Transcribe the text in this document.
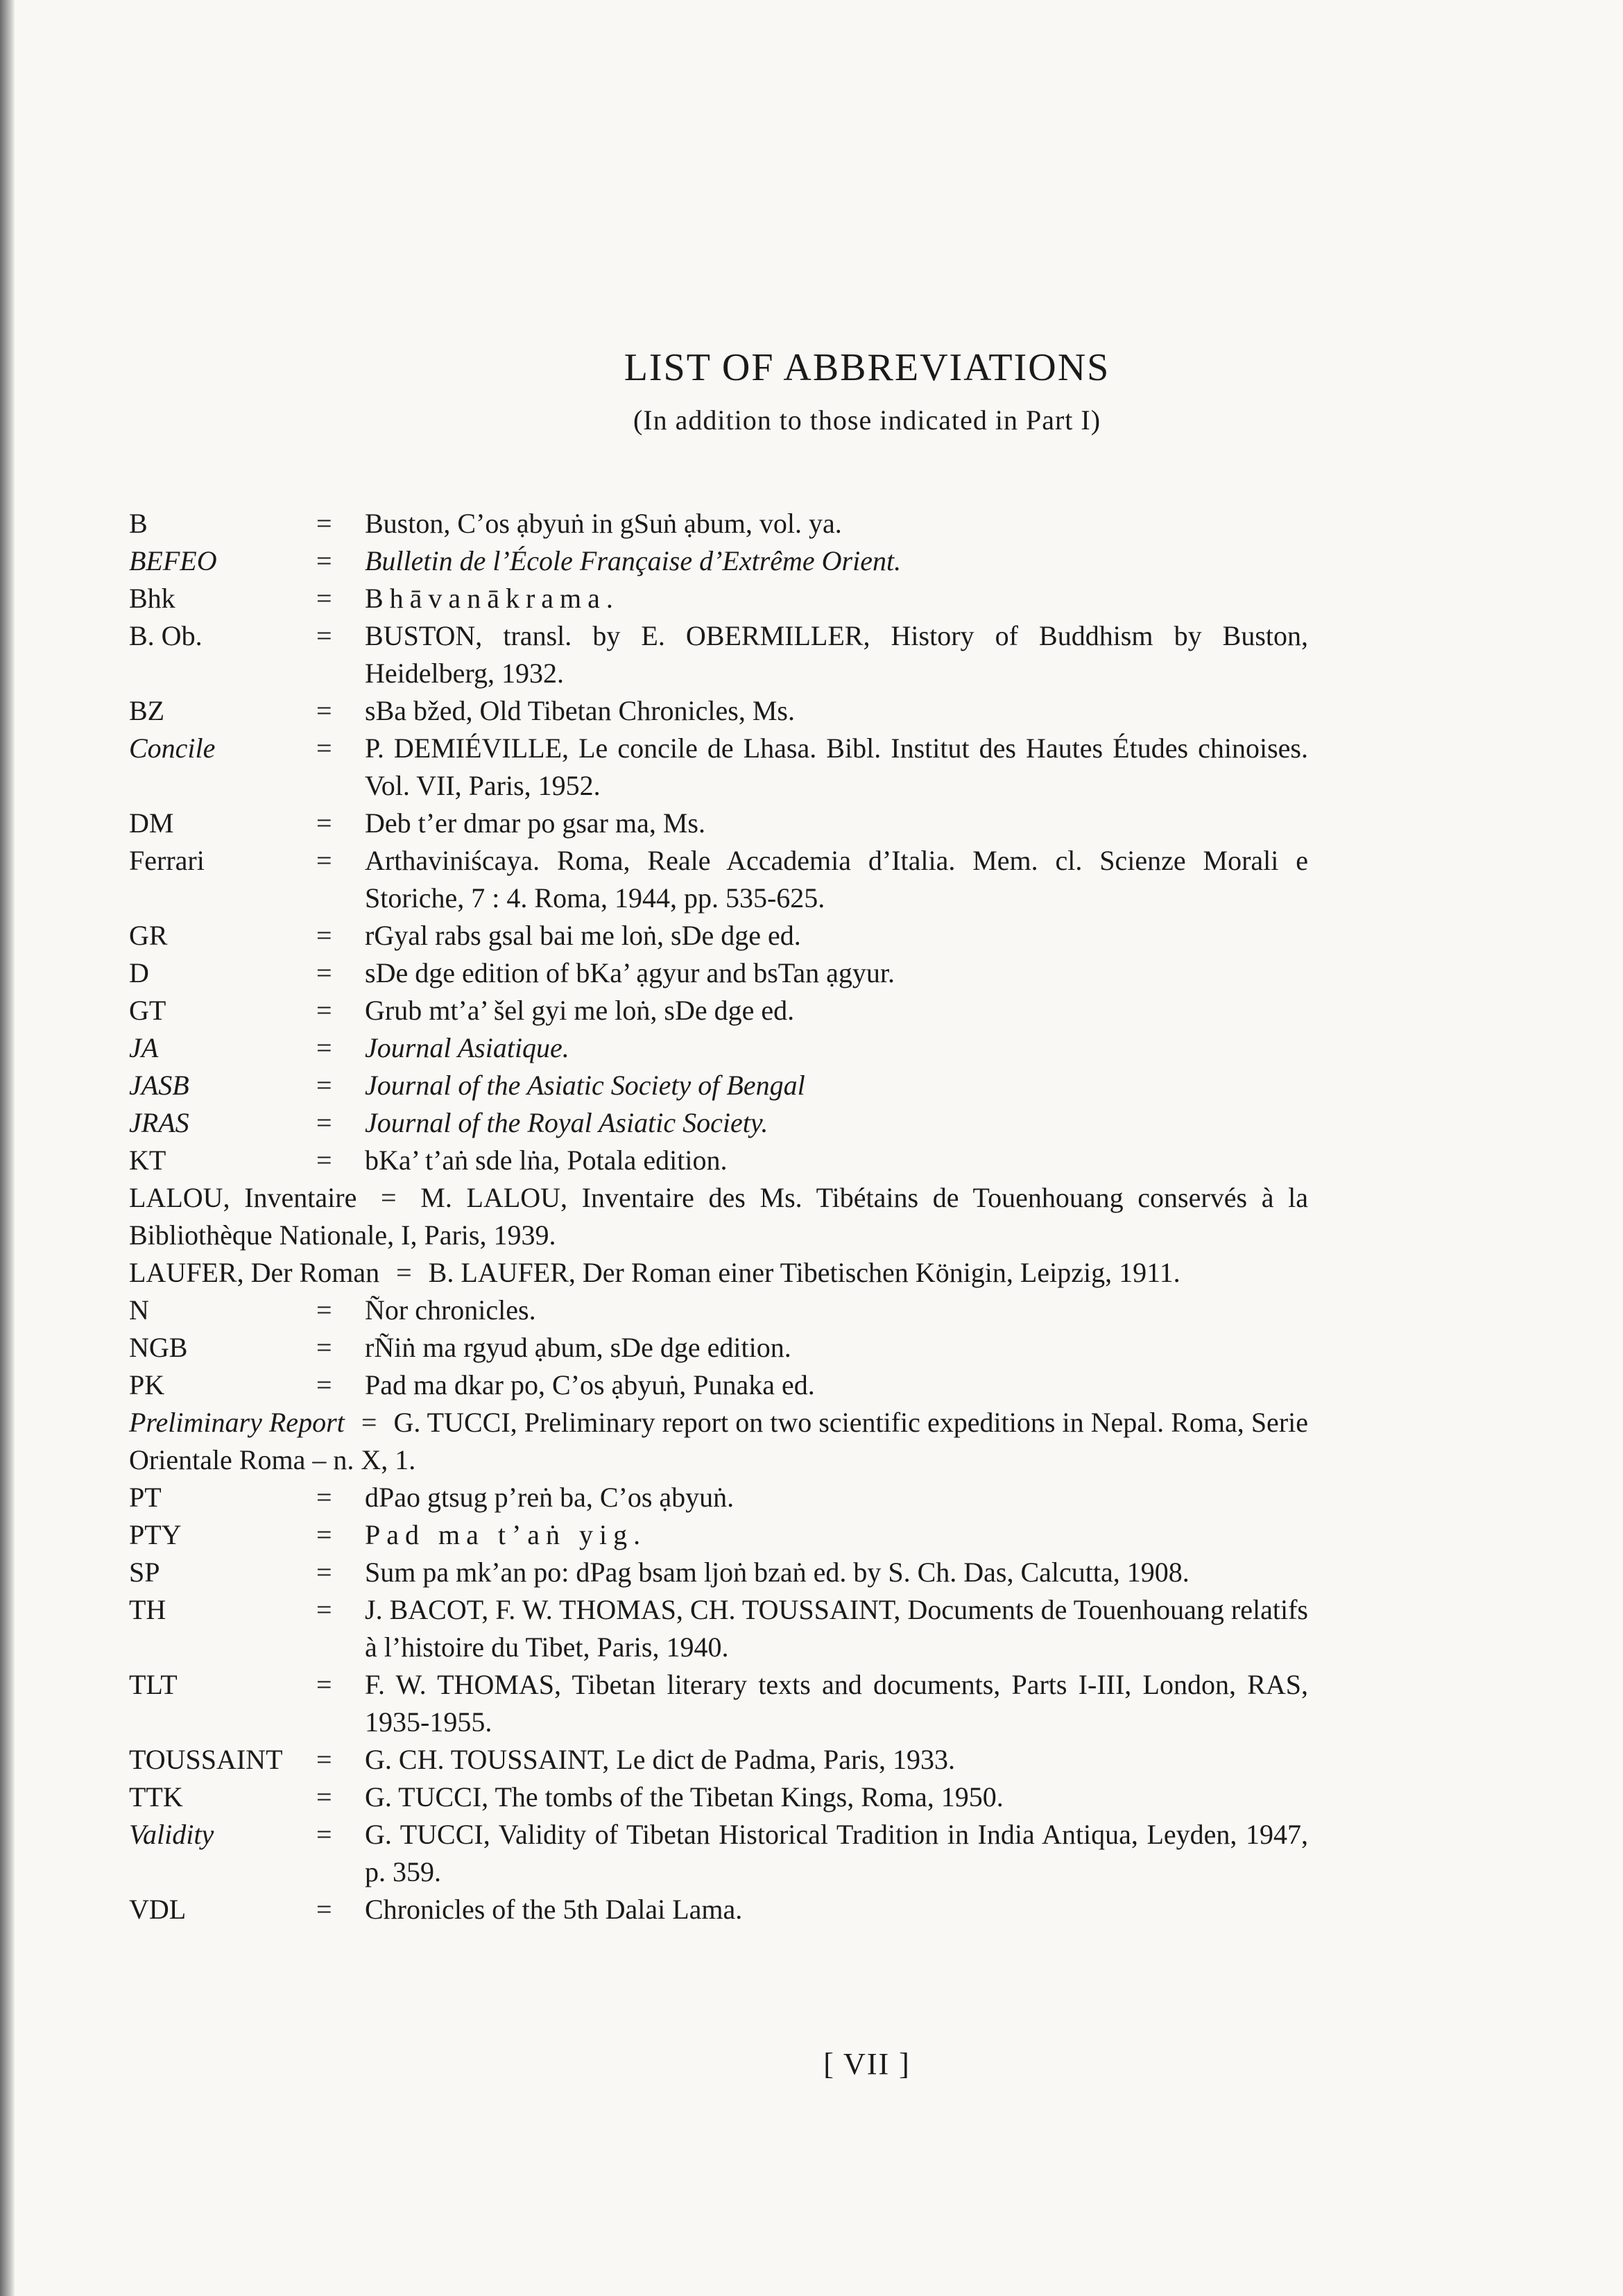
LIST OF ABBREVIATIONS
(In addition to those indicated in Part I)
B	=	Buston, C’os ạbyuṅ in gSuṅ ạbum, vol. ya.
BEFEO	=	Bulletin de l’École Française d’Extrême Orient.
Bhk	=	Bhāvanākrama.
B. Ob.	=	BUSTON, transl. by E. OBERMILLER, History of Buddhism by Buston, Heidelberg, 1932.
BZ	=	sBa bžed, Old Tibetan Chronicles, Ms.
Concile	=	P. DEMIÉVILLE, Le concile de Lhasa. Bibl. Institut des Hautes Études chinoises. Vol. VII, Paris, 1952.
DM	=	Deb t’er dmar po gsar ma, Ms.
Ferrari	=	Arthaviniścaya. Roma, Reale Accademia d’Italia. Mem. cl. Scienze Morali e Storiche, 7 : 4. Roma, 1944, pp. 535-625.
GR	=	rGyal rabs gsal bai me loṅ, sDe dge ed.
D	=	sDe dge edition of bKa’ ạgyur and bsTan ạgyur.
GT	=	Grub mt’a’ šel gyi me loṅ, sDe dge ed.
JA	=	Journal Asiatique.
JASB	=	Journal of the Asiatic Society of Bengal
JRAS	=	Journal of the Royal Asiatic Society.
KT	=	bKa’ t’aṅ sde lṅa, Potala edition.
LALOU, Inventaire = M. LALOU, Inventaire des Ms. Tibétains de Touenhouang conservés à la Bibliothèque Nationale, I, Paris, 1939.
LAUFER, Der Roman = B. LAUFER, Der Roman einer Tibetischen Königin, Leipzig, 1911.
N	=	Ñor chronicles.
NGB	=	rÑiṅ ma rgyud ạbum, sDe dge edition.
PK	=	Pad ma dkar po, C’os ạbyuṅ, Punaka ed.
Preliminary Report = G. TUCCI, Preliminary report on two scientific expeditions in Nepal. Roma, Serie Orientale Roma – n. X, 1.
PT	=	dPao gtsug p’reṅ ba, C’os ạbyuṅ.
PTY	=	Pad ma t’aṅ yig.
SP	=	Sum pa mk’an po: dPag bsam ljoṅ bzaṅ ed. by S. Ch. Das, Calcutta, 1908.
TH	=	J. BACOT, F. W. THOMAS, CH. TOUSSAINT, Documents de Touenhouang relatifs à l’histoire du Tibet, Paris, 1940.
TLT	=	F. W. THOMAS, Tibetan literary texts and documents, Parts I-III, London, RAS, 1935-1955.
TOUSSAINT	=	G. CH. TOUSSAINT, Le dict de Padma, Paris, 1933.
TTK	=	G. TUCCI, The tombs of the Tibetan Kings, Roma, 1950.
Validity	=	G. TUCCI, Validity of Tibetan Historical Tradition in India Antiqua, Leyden, 1947, p. 359.
VDL	=	Chronicles of the 5th Dalai Lama.
[ VII ]
